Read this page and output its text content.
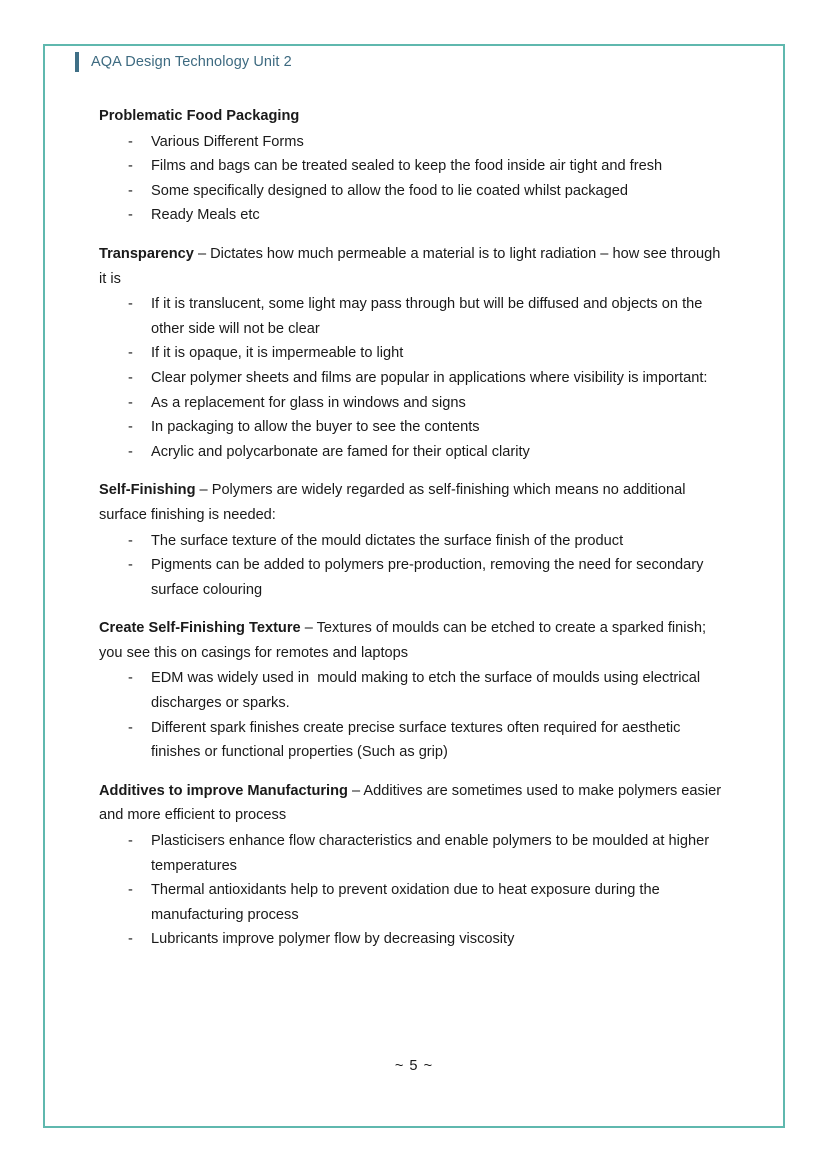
AQA Design Technology Unit 2

Problematic Food Packaging

- Various Different Forms
- Films and bags can be treated sealed to keep the food inside air tight and fresh
- Some specifically designed to allow the food to lie coated whilst packaged
- Ready Meals etc

Transparency – Dictates how much permeable a material is to light radiation – how see through it is

- If it is translucent, some light may pass through but will be diffused and objects on the other side will not be clear
- If it is opaque, it is impermeable to light
- Clear polymer sheets and films are popular in applications where visibility is important:
- As a replacement for glass in windows and signs
- In packaging to allow the buyer to see the contents
- Acrylic and polycarbonate are famed for their optical clarity

Self-Finishing – Polymers are widely regarded as self-finishing which means no additional surface finishing is needed:

- The surface texture of the mould dictates the surface finish of the product
- Pigments can be added to polymers pre-production, removing the need for secondary surface colouring

Create Self-Finishing Texture – Textures of moulds can be etched to create a sparked finish; you see this on casings for remotes and laptops

- EDM was widely used in  mould making to etch the surface of moulds using electrical discharges or sparks.
- Different spark finishes create precise surface textures often required for aesthetic finishes or functional properties (Such as grip)

Additives to improve Manufacturing – Additives are sometimes used to make polymers easier and more efficient to process

- Plasticisers enhance flow characteristics and enable polymers to be moulded at higher temperatures
- Thermal antioxidants help to prevent oxidation due to heat exposure during the manufacturing process
- Lubricants improve polymer flow by decreasing viscosity
~ 5 ~
